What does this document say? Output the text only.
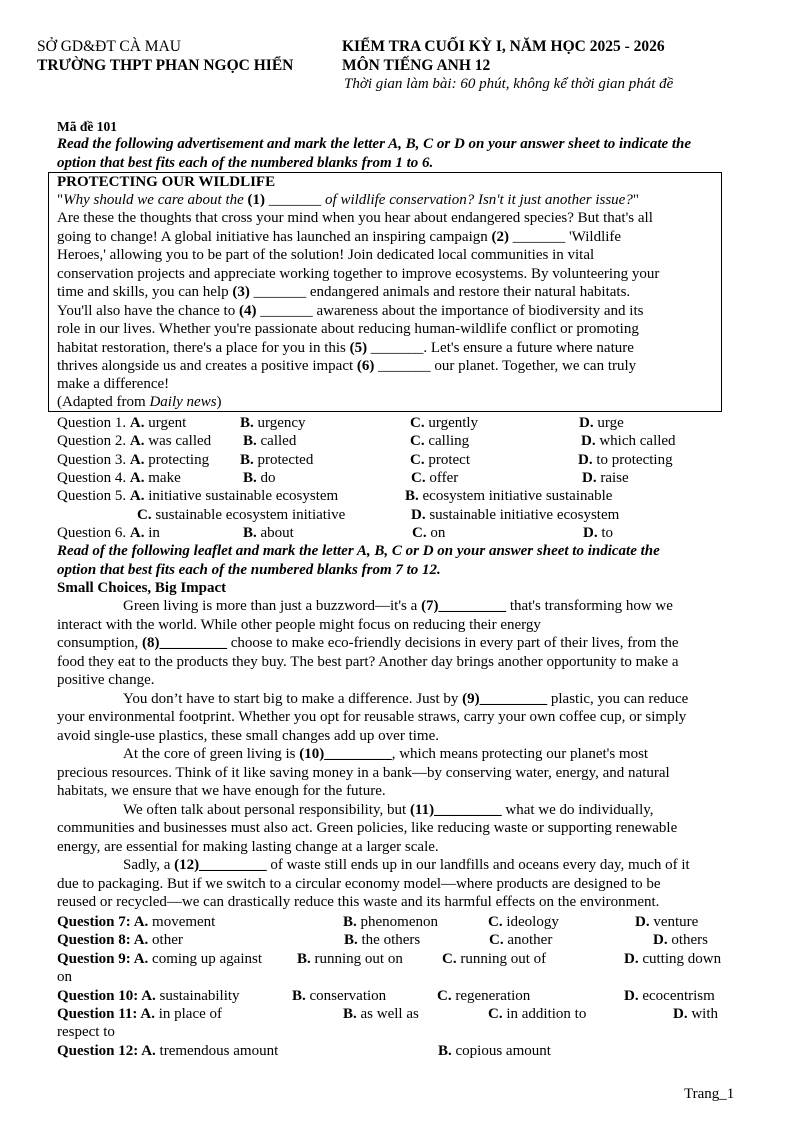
SỞ GD&ĐT CÀ MAU
TRƯỜNG THPT PHAN NGỌC HIỂN
KIỂM TRA CUỐI KỲ I, NĂM HỌC 2025 - 2026
MÔN TIẾNG ANH 12
Thời gian làm bài: 60 phút, không kể thời gian phát đề
Mã đề 101
Read the following advertisement and mark the letter A, B, C or D on your answer sheet to indicate the
option that best fits each of the numbered blanks from 1 to 6.
PROTECTING OUR WILDLIFE
"Why should we care about the (1) _______ of wildlife conservation? Isn't it just another issue?"
Are these the thoughts that cross your mind when you hear about endangered species? But that's all
going to change! A global initiative has launched an inspiring campaign (2) _______ 'Wildlife
Heroes,' allowing you to be part of the solution! Join dedicated local communities in vital
conservation projects and appreciate working together to improve ecosystems. By volunteering your
time and skills, you can help (3) _______ endangered animals and restore their natural habitats.
You'll also have the chance to (4) _______ awareness about the importance of biodiversity and its
role in our lives. Whether you're passionate about reducing human-wildlife conflict or promoting
habitat restoration, there's a place for you in this (5) _______. Let's ensure a future where nature
thrives alongside us and creates a positive impact (6) _______ our planet. Together, we can truly
make a difference!
(Adapted from Daily news)
Question 1. A. urgent	B. urgency	C. urgently	D. urge
Question 2. A. was called B. called	C. calling	D. which called
Question 3. A. protecting B. protected	C. protect	D. to protecting
Question 4. A. make	B. do	C. offer	D. raise
Question 5. A. initiative sustainable ecosystem	B. ecosystem initiative sustainable
C. sustainable ecosystem initiative	D. sustainable initiative ecosystem
Question 6. A. in	B. about	C. on	D. to
Read of the following leaflet and mark the letter A, B, C or D on your answer sheet to indicate the
option that best fits each of the numbered blanks from 7 to 12.
Small Choices, Big Impact
Green living is more than just a buzzword—it's a (7)_________ that's transforming how we
interact with the world. While other people might focus on reducing their energy
consumption, (8)_________ choose to make eco-friendly decisions in every part of their lives, from the
food they eat to the products they buy. The best part? Another day brings another opportunity to make a
positive change.
You don’t have to start big to make a difference. Just by (9)_________ plastic, you can reduce
your environmental footprint. Whether you opt for reusable straws, carry your own coffee cup, or simply
avoid single-use plastics, these small changes add up over time.
At the core of green living is (10)_________, which means protecting our planet's most
precious resources. Think of it like saving money in a bank—by conserving water, energy, and natural
habitats, we ensure that we have enough for the future.
We often talk about personal responsibility, but (11)_________ what we do individually,
communities and businesses must also act. Green policies, like reducing waste or supporting renewable
energy, are essential for making lasting change at a larger scale.
Sadly, a (12)_________ of waste still ends up in our landfills and oceans every day, much of it
due to packaging. But if we switch to a circular economy model—where products are designed to be
reused or recycled—we can drastically reduce this waste and its harmful effects on the environment.
Question 7: A. movement	B. phenomenon	C. ideology	D. venture
Question 8: A. other	B. the others	C. another	D. others
Question 9: A. coming up against B. running out on	C. running out of	D. cutting down
on
Question 10: A. sustainability	B. conservation	C. regeneration	D. ecocentrism
Question 11: A. in place of	B. as well as	C. in addition to	D. with
respect to
Question 12: A. tremendous amount	B. copious amount
Trang_1
